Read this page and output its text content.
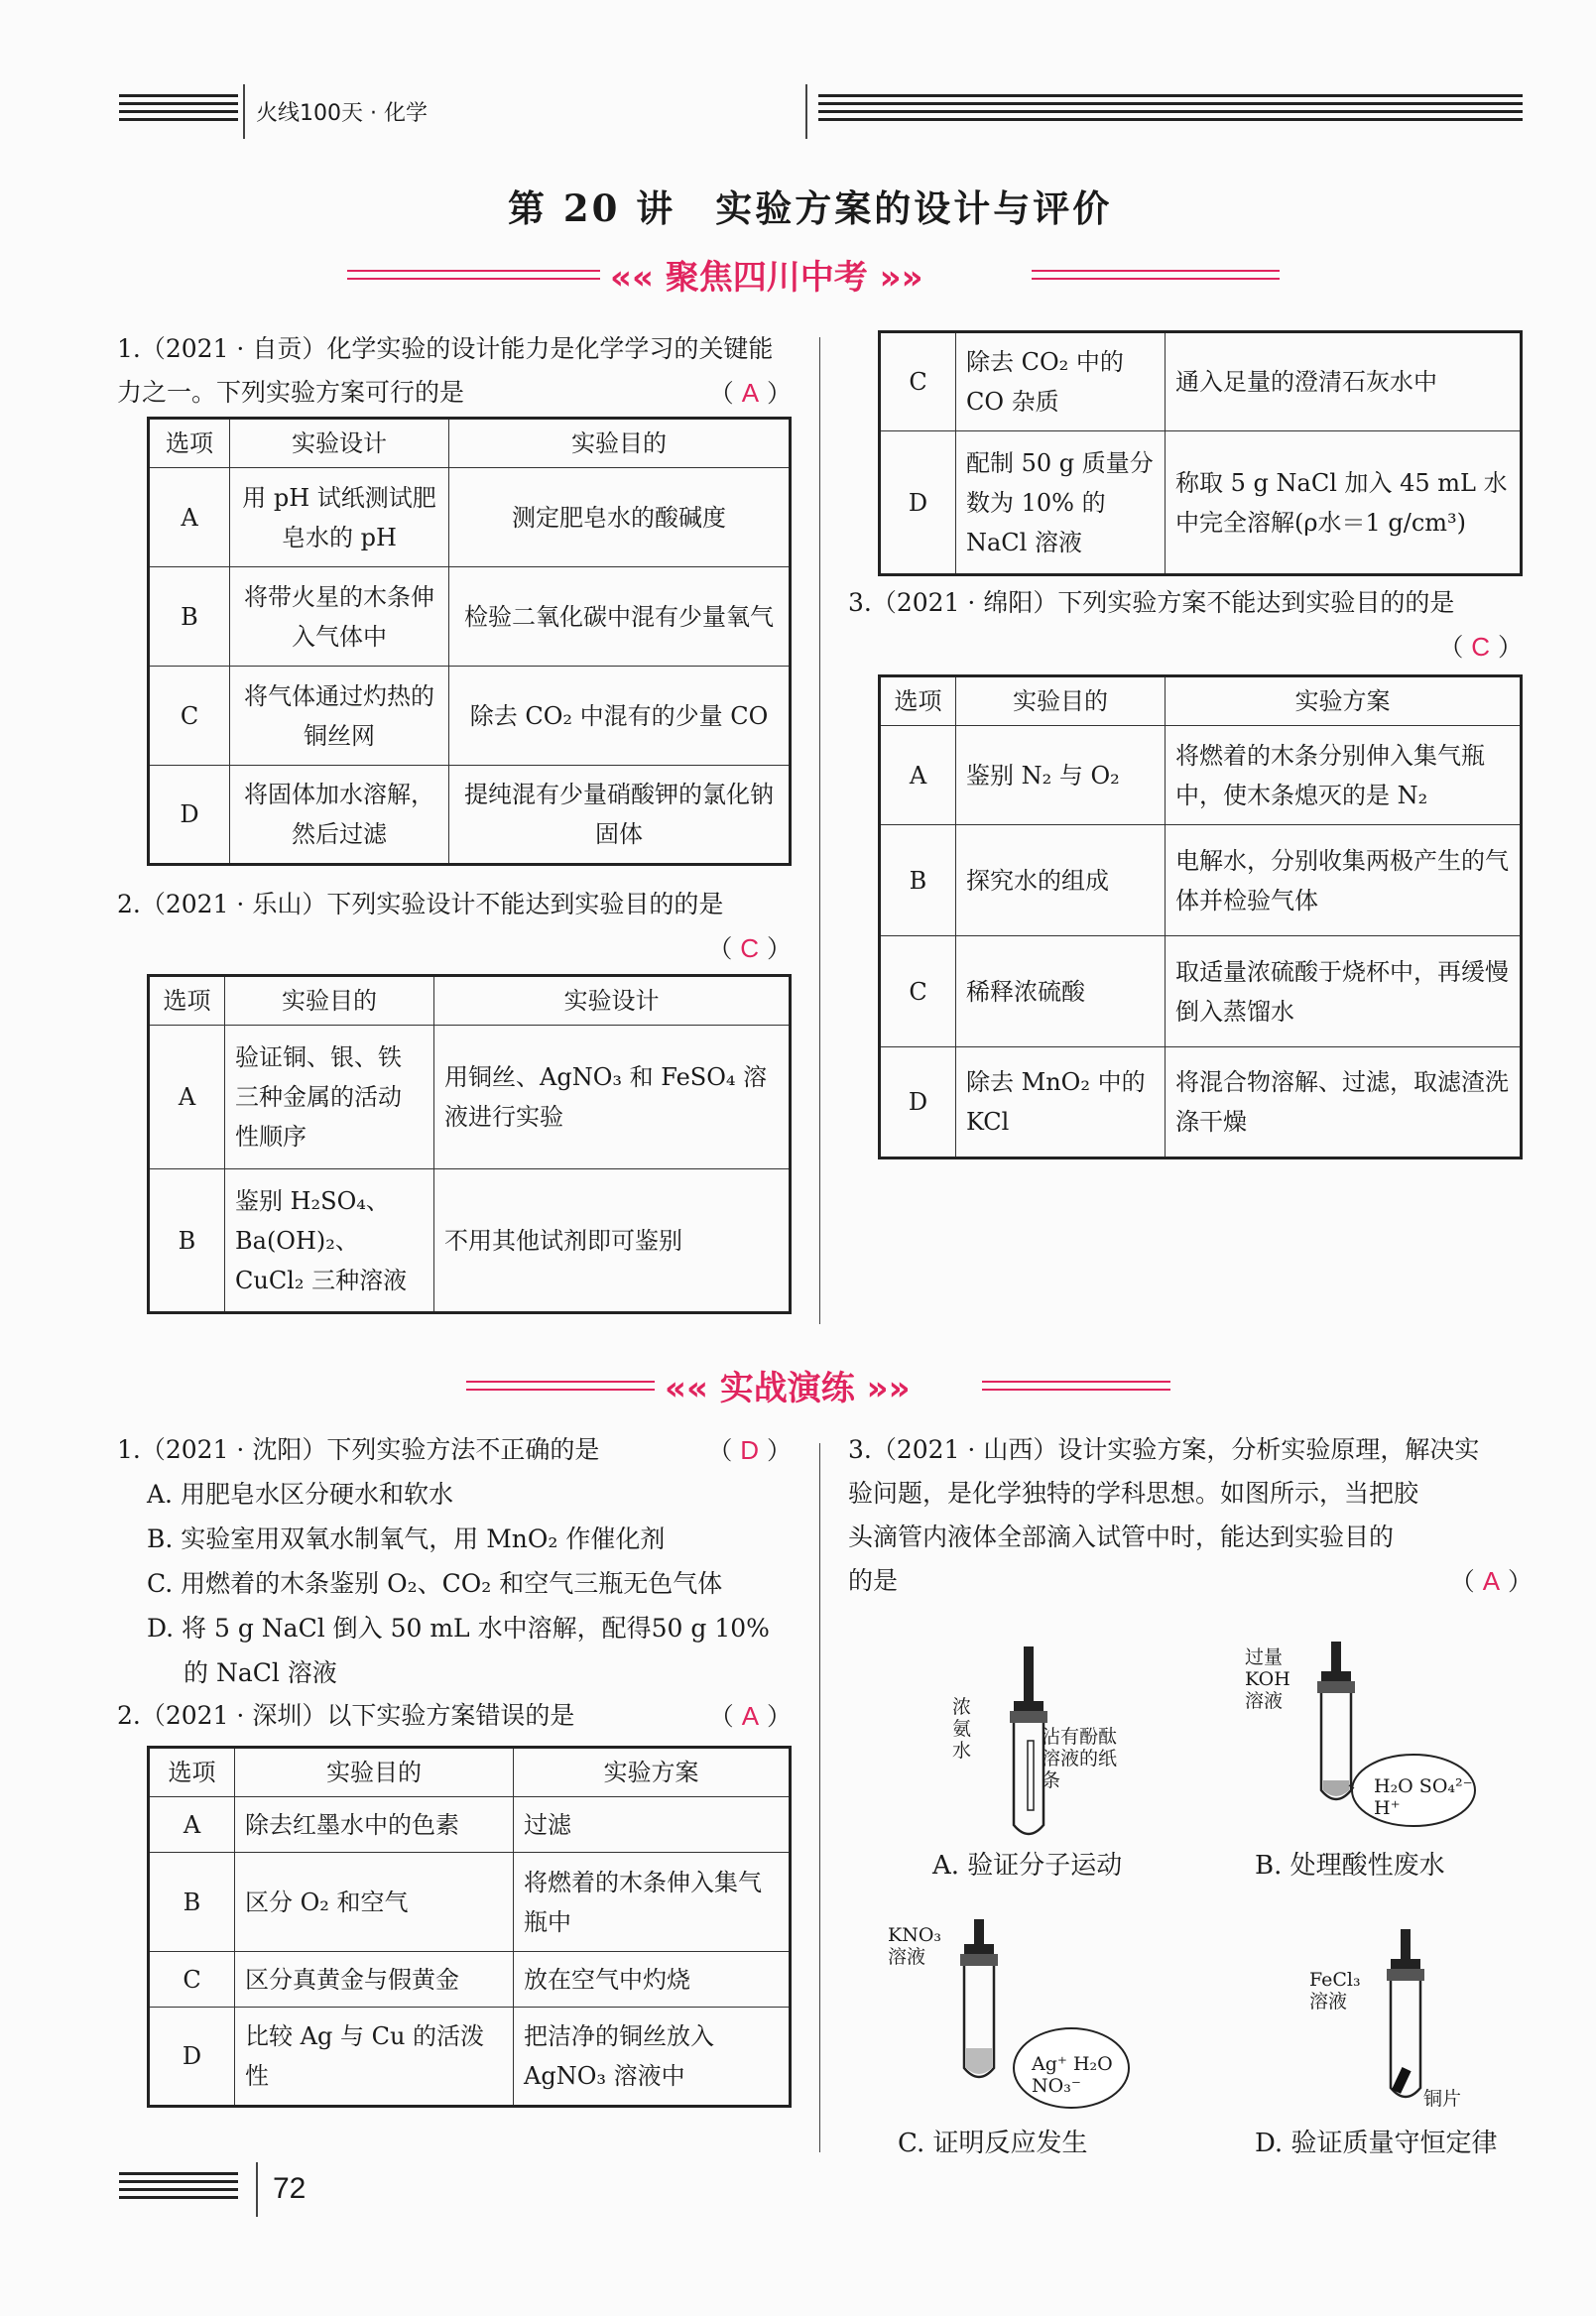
火线100天 · 化学
第 20 讲　实验方案的设计与评价
«« 聚焦四川中考 »»
1.（2021 · 自贡）化学实验的设计能力是化学学习的关键能力之一。下列实验方案可行的是	（ A ）
选项	实验设计	实验目的
A	用 pH 试纸测试肥皂水的 pH	测定肥皂水的酸碱度
B	将带火星的木条伸入气体中	检验二氧化碳中混有少量氧气
C	将气体通过灼热的铜丝网	除去 CO₂ 中混有的少量 CO
D	将固体加水溶解，然后过滤	提纯混有少量硝酸钾的氯化钠固体
2.（2021 · 乐山）下列实验设计不能达到实验目的的是

（ C ）
选项	实验目的	实验设计
A	验证铜、银、铁三种金属的活动性顺序	用铜丝、AgNO₃ 和 FeSO₄ 溶液进行实验
B	鉴别 H₂SO₄、Ba(OH)₂、CuCl₂ 三种溶液	不用其他试剂即可鉴别
C	除去 CO₂ 中的 CO 杂质	通入足量的澄清石灰水中
D	配制 50 g 质量分数为 10% 的 NaCl 溶液	称取 5 g NaCl 加入 45 mL 水中完全溶解(ρ水＝1 g/cm³)
3.（2021 · 绵阳）下列实验方案不能达到实验目的的是

（ C ）
选项	实验目的	实验方案
A	鉴别 N₂ 与 O₂	将燃着的木条分别伸入集气瓶中，使木条熄灭的是 N₂
B	探究水的组成	电解水，分别收集两极产生的气体并检验气体
C	稀释浓硫酸	取适量浓硫酸于烧杯中，再缓慢倒入蒸馏水
D	除去 MnO₂ 中的 KCl	将混合物溶解、过滤，取滤渣洗涤干燥
«« 实战演练 »»
1.（2021 · 沈阳）下列实验方法不正确的是	（ D ）
A. 用肥皂水区分硬水和软水
B. 实验室用双氧水制氧气，用 MnO₂ 作催化剂
C. 用燃着的木条鉴别 O₂、CO₂ 和空气三瓶无色气体
D. 将 5 g NaCl 倒入 50 mL 水中溶解，配得50 g 10%
的 NaCl 溶液
2.（2021 · 深圳）以下实验方案错误的是	（ A ）
选项	实验目的	实验方案
A	除去红墨水中的色素	过滤
B	区分 O₂ 和空气	将燃着的木条伸入集气瓶中
C	区分真黄金与假黄金	放在空气中灼烧
D	比较 Ag 与 Cu 的活泼性	把洁净的铜丝放入 AgNO₃ 溶液中
3.（2021 · 山西）设计实验方案，分析实验原理，解决实
验问题，是化学独特的学科思想。如图所示，当把胶
头滴管内液体全部滴入试管中时，能达到实验目的
的是	（ A ）
浓氨水
沾有酚酞溶液的纸条
A. 验证分子运动
过量KOH溶液
H₂O SO₄²⁻ H⁺
B. 处理酸性废水
KNO₃溶液
Ag⁺ H₂O NO₃⁻
C. 证明反应发生
FeCl₃溶液
铜片
D. 验证质量守恒定律
72
